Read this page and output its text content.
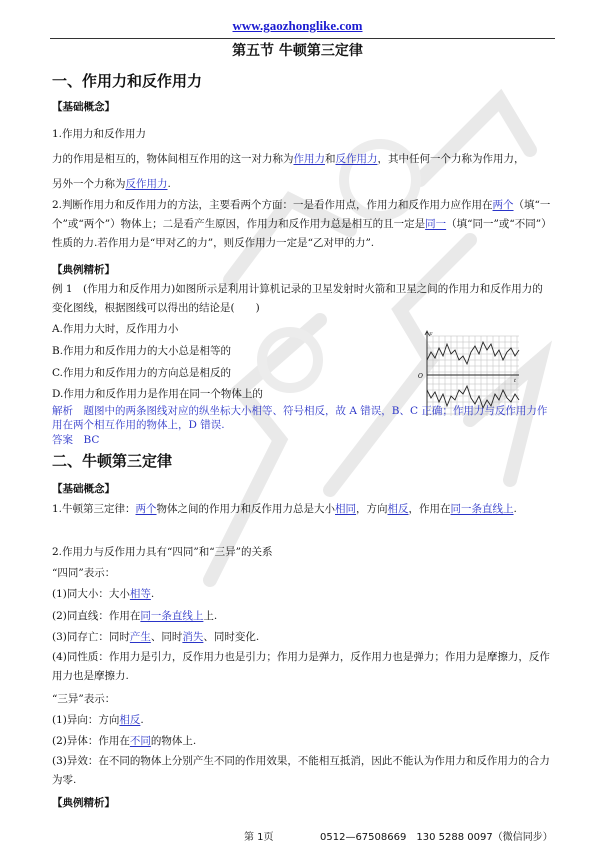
www.gaozhonglike.com
第五节 牛顿第三定律
一、作用力和反作用力
【基础概念】
1.作用力和反作用力
力的作用是相互的，物体间相互作用的这一对力称为作用力和反作用力，其中任何一个力称为作用力，
另外一个力称为反作用力.
2.判断作用力和反作用力的方法，主要看两个方面：一是看作用点，作用力和反作用力应作用在两个（填“一个”或“两个”）物体上；二是看产生原因，作用力和反作用力总是相互的且一定是同一（填“同一”或“不同”）性质的力.若作用力是“甲对乙的力”，则反作用力一定是“乙对甲的力”.
【典例精析】
例 1　(作用力和反作用力)如图所示是利用计算机记录的卫星发射时火箭和卫星之间的作用力和反作用力的变化图线，根据图线可以得出的结论是(　　)
A.作用力大时，反作用力小
B.作用力和反作用力的大小总是相等的
C.作用力和反作用力的方向总是相反的
D.作用力和反作用力是作用在同一个物体上的
F
O
t
解析　题图中的两条图线对应的纵坐标大小相等、符号相反，故 A 错误，B、C 正确；作用力与反作用力作用在两个相互作用的物体上，D 错误.
答案　BC
二、牛顿第三定律
【基础概念】
1.牛顿第三定律：两个物体之间的作用力和反作用力总是大小相同，方向相反，作用在同一条直线上.
2.作用力与反作用力具有“四同”和“三异”的关系
“四同”表示：
(1)同大小：大小相等.
(2)同直线：作用在同一条直线上上.
(3)同存亡：同时产生、同时消失、同时变化.
(4)同性质：作用力是引力，反作用力也是引力；作用力是弹力，反作用力也是弹力；作用力是摩擦力，反作用力也是摩擦力.
“三异”表示：
(1)异向：方向相反.
(2)异体：作用在不同的物体上.
(3)异效：在不同的物体上分别产生不同的作用效果，不能相互抵消，因此不能认为作用力和反作用力的合力为零.
【典例精析】
第 1页	0512—67508669　130 5288 0097（微信同步）
